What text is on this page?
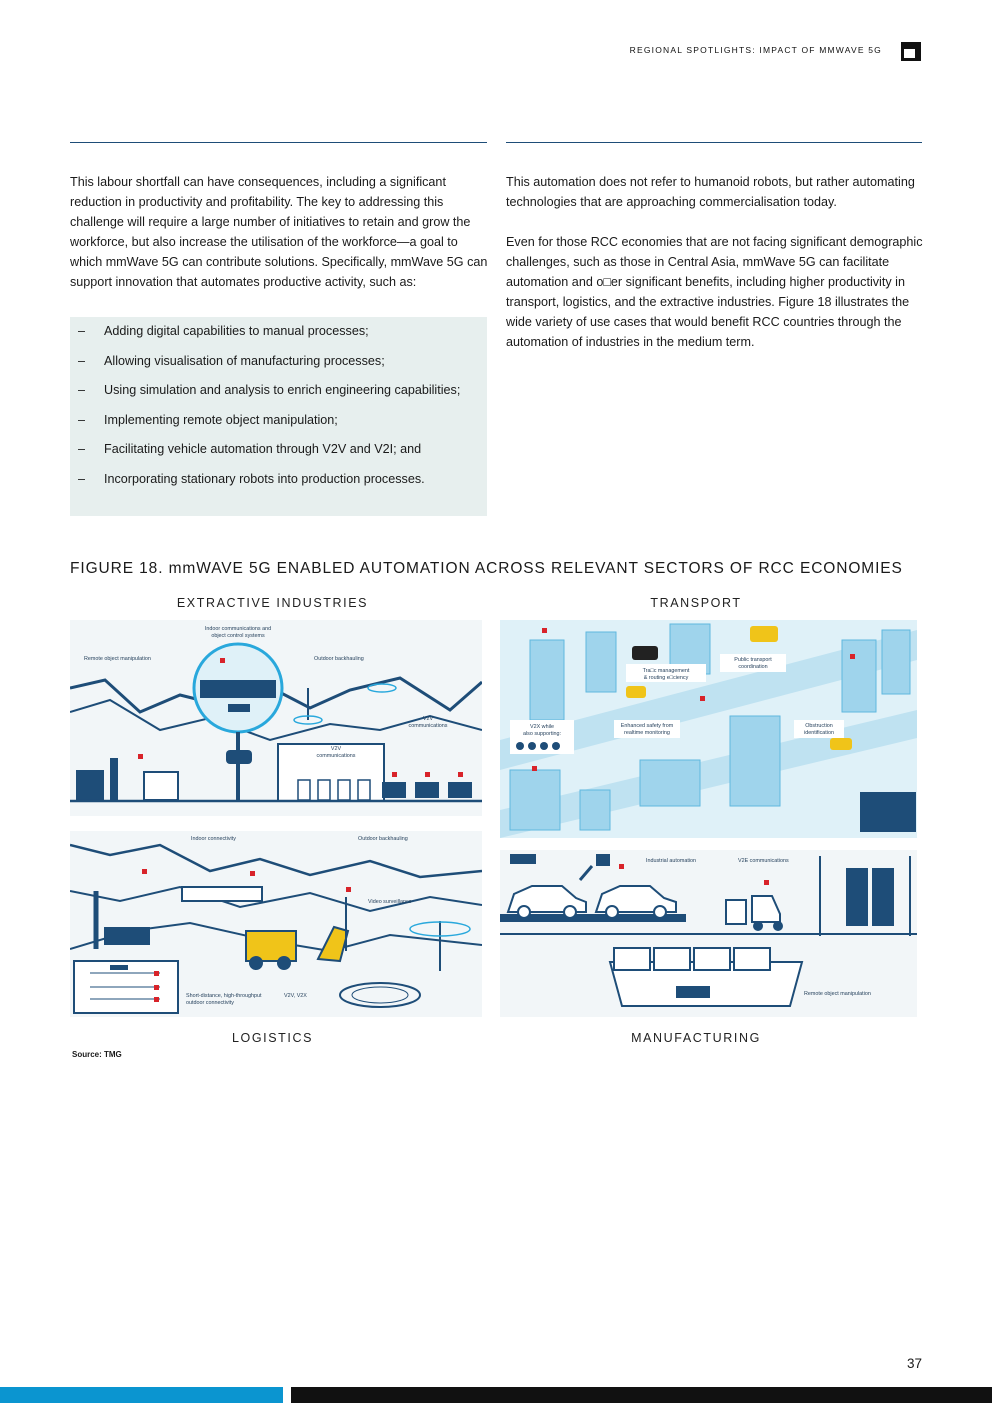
REGIONAL SPOTLIGHTS: IMPACT OF MMWAVE 5G

This labour shortfall can have consequences, including a significant reduction in productivity and profitability. The key to addressing this challenge will require a large number of initiatives to retain and grow the workforce, but also increase the utilisation of the workforce—a goal to which mmWave 5G can contribute solutions. Specifically, mmWave 5G can support innovation that automates productive activity, such as:

– Adding digital capabilities to manual processes;
– Allowing visualisation of manufacturing processes;
– Using simulation and analysis to enrich engineering capabilities;
– Implementing remote object manipulation;
– Facilitating vehicle automation through V2V and V2I; and
– Incorporating stationary robots into production processes.

This automation does not refer to humanoid robots, but rather automating technologies that are approaching commercialisation today.

Even for those RCC economies that are not facing significant demographic challenges, such as those in Central Asia, mmWave 5G can facilitate automation and o□er significant benefits, including higher productivity in transport, logistics, and the extractive industries. Figure 18 illustrates the wide variety of use cases that would benefit RCC countries through the automation of industries in the medium term.

FIGURE 18. mmWAVE 5G ENABLED AUTOMATION ACROSS RELEVANT SECTORS OF RCC ECONOMIES
EXTRACTIVE INDUSTRIES	TRANSPORT
LOGISTICS	MANUFACTURING
Indoor communications and
object control systems
Remote object manipulation	Outdoor backhauling
V2V
communications
V2V
communications
Tra□c management
& routing e□ciency
Public transport
coordination
V2X while
also supporting:
Enhanced safety from
realtime monitoring
Obstruction
identification
Indoor connectivity	Outdoor backhauling
Video surveillance
Short-distance, high-throughput
outdoor connectivity
V2V, V2X
Industrial automation	V2E communications
Remote object manipulation
Source: TMG
37
